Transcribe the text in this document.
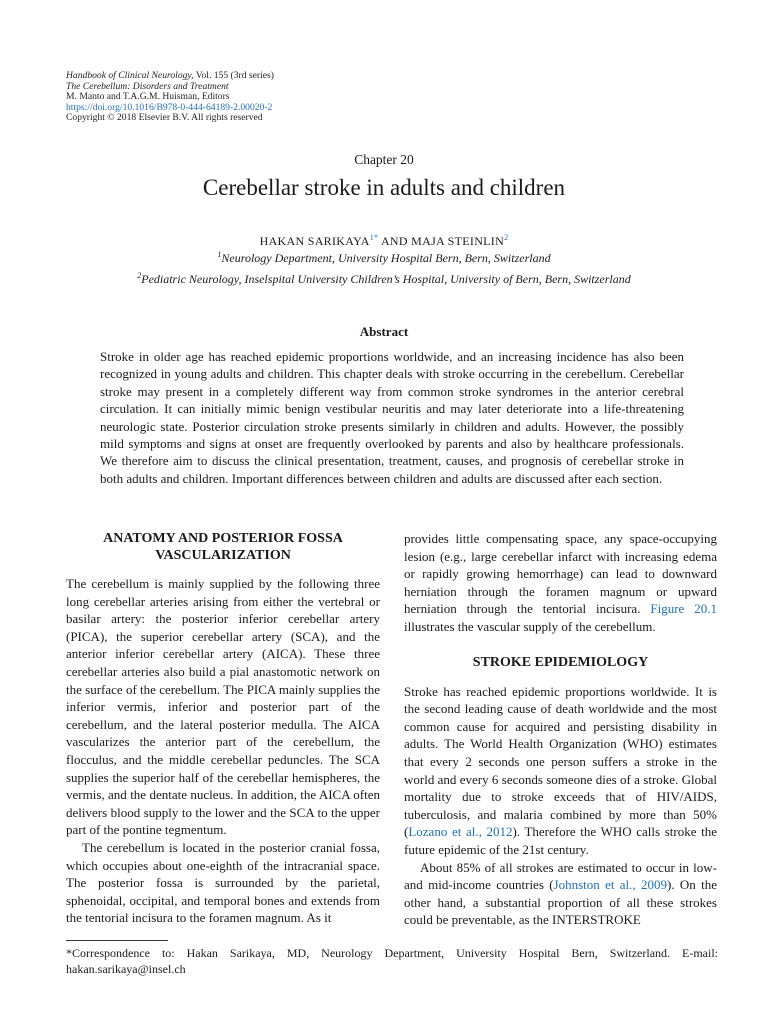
Handbook of Clinical Neurology, Vol. 155 (3rd series)
The Cerebellum: Disorders and Treatment
M. Manto and T.A.G.M. Huisman, Editors
https://doi.org/10.1016/B978-0-444-64189-2.00020-2
Copyright © 2018 Elsevier B.V. All rights reserved
Chapter 20
Cerebellar stroke in adults and children
HAKAN $SARIKAYA^{1*}$ AND MAJA STEINLIN$^2$
$^1$Neurology Department, University Hospital Bern, Bern, Switzerland
$^2$Pediatric Neurology, Inselspital University Children’s Hospital, University of Bern, Bern, Switzerland
Abstract
Stroke in older age has reached epidemic proportions worldwide, and an increasing incidence has also been recognized in young adults and children. This chapter deals with stroke occurring in the cerebellum. Cerebellar stroke may present in a completely different way from common stroke syndromes in the anterior cerebral circulation. It can initially mimic benign vestibular neuritis and may later deteriorate into a life-threatening neurologic state. Posterior circulation stroke presents similarly in children and adults. However, the possibly mild symptoms and signs at onset are frequently overlooked by parents and also by healthcare professionals. We therefore aim to discuss the clinical presentation, treatment, causes, and prognosis of cerebellar stroke in both adults and children. Important differences between children and adults are discussed after each section.
ANATOMY AND POSTERIOR FOSSA VASCULARIZATION

The cerebellum is mainly supplied by the following three long cerebellar arteries arising from either the vertebral or basilar artery: the posterior inferior cerebellar artery (PICA), the superior cerebellar artery (SCA), and the anterior inferior cerebellar artery (AICA). These three cerebellar arteries also build a pial anastomotic network on the surface of the cerebellum. The PICA mainly supplies the inferior vermis, inferior and posterior part of the cerebellum, and the lateral posterior medulla. The AICA vascularizes the anterior part of the cerebellum, the flocculus, and the middle cerebellar peduncles. The SCA supplies the superior half of the cerebellar hemispheres, the vermis, and the dentate nucleus. In addition, the AICA often delivers blood supply to the lower and the SCA to the upper part of the pontine tegmentum.

The cerebellum is located in the posterior cranial fossa, which occupies about one-eighth of the intracranial space. The posterior fossa is surrounded by the parietal, sphenoidal, occipital, and temporal bones and extends from the tentorial incisura to the foramen magnum. As it

provides little compensating space, any space-occupying lesion (e.g., large cerebellar infarct with increasing edema or rapidly growing hemorrhage) can lead to downward herniation through the foramen magnum or upward herniation through the tentorial incisura. Figure 20.1 illustrates the vascular supply of the cerebellum.

STROKE EPIDEMIOLOGY

Stroke has reached epidemic proportions worldwide. It is the second leading cause of death worldwide and the most common cause for acquired and persisting disability in adults. The World Health Organization (WHO) estimates that every 2 seconds one person suffers a stroke in the world and every 6 seconds someone dies of a stroke. Global mortality due to stroke exceeds that of HIV/AIDS, tuberculosis, and malaria combined by more than 50% (Lozano et al., 2012). Therefore the WHO calls stroke the future epidemic of the 21st century.

About 85% of all strokes are estimated to occur in low- and mid-income countries (Johnston et al., 2009). On the other hand, a substantial proportion of all these strokes could be preventable, as the INTERSTROKE

*Correspondence to: Hakan Sarikaya, MD, Neurology Department, University Hospital Bern, Switzerland. E-mail: hakan.sarikaya@insel.ch
